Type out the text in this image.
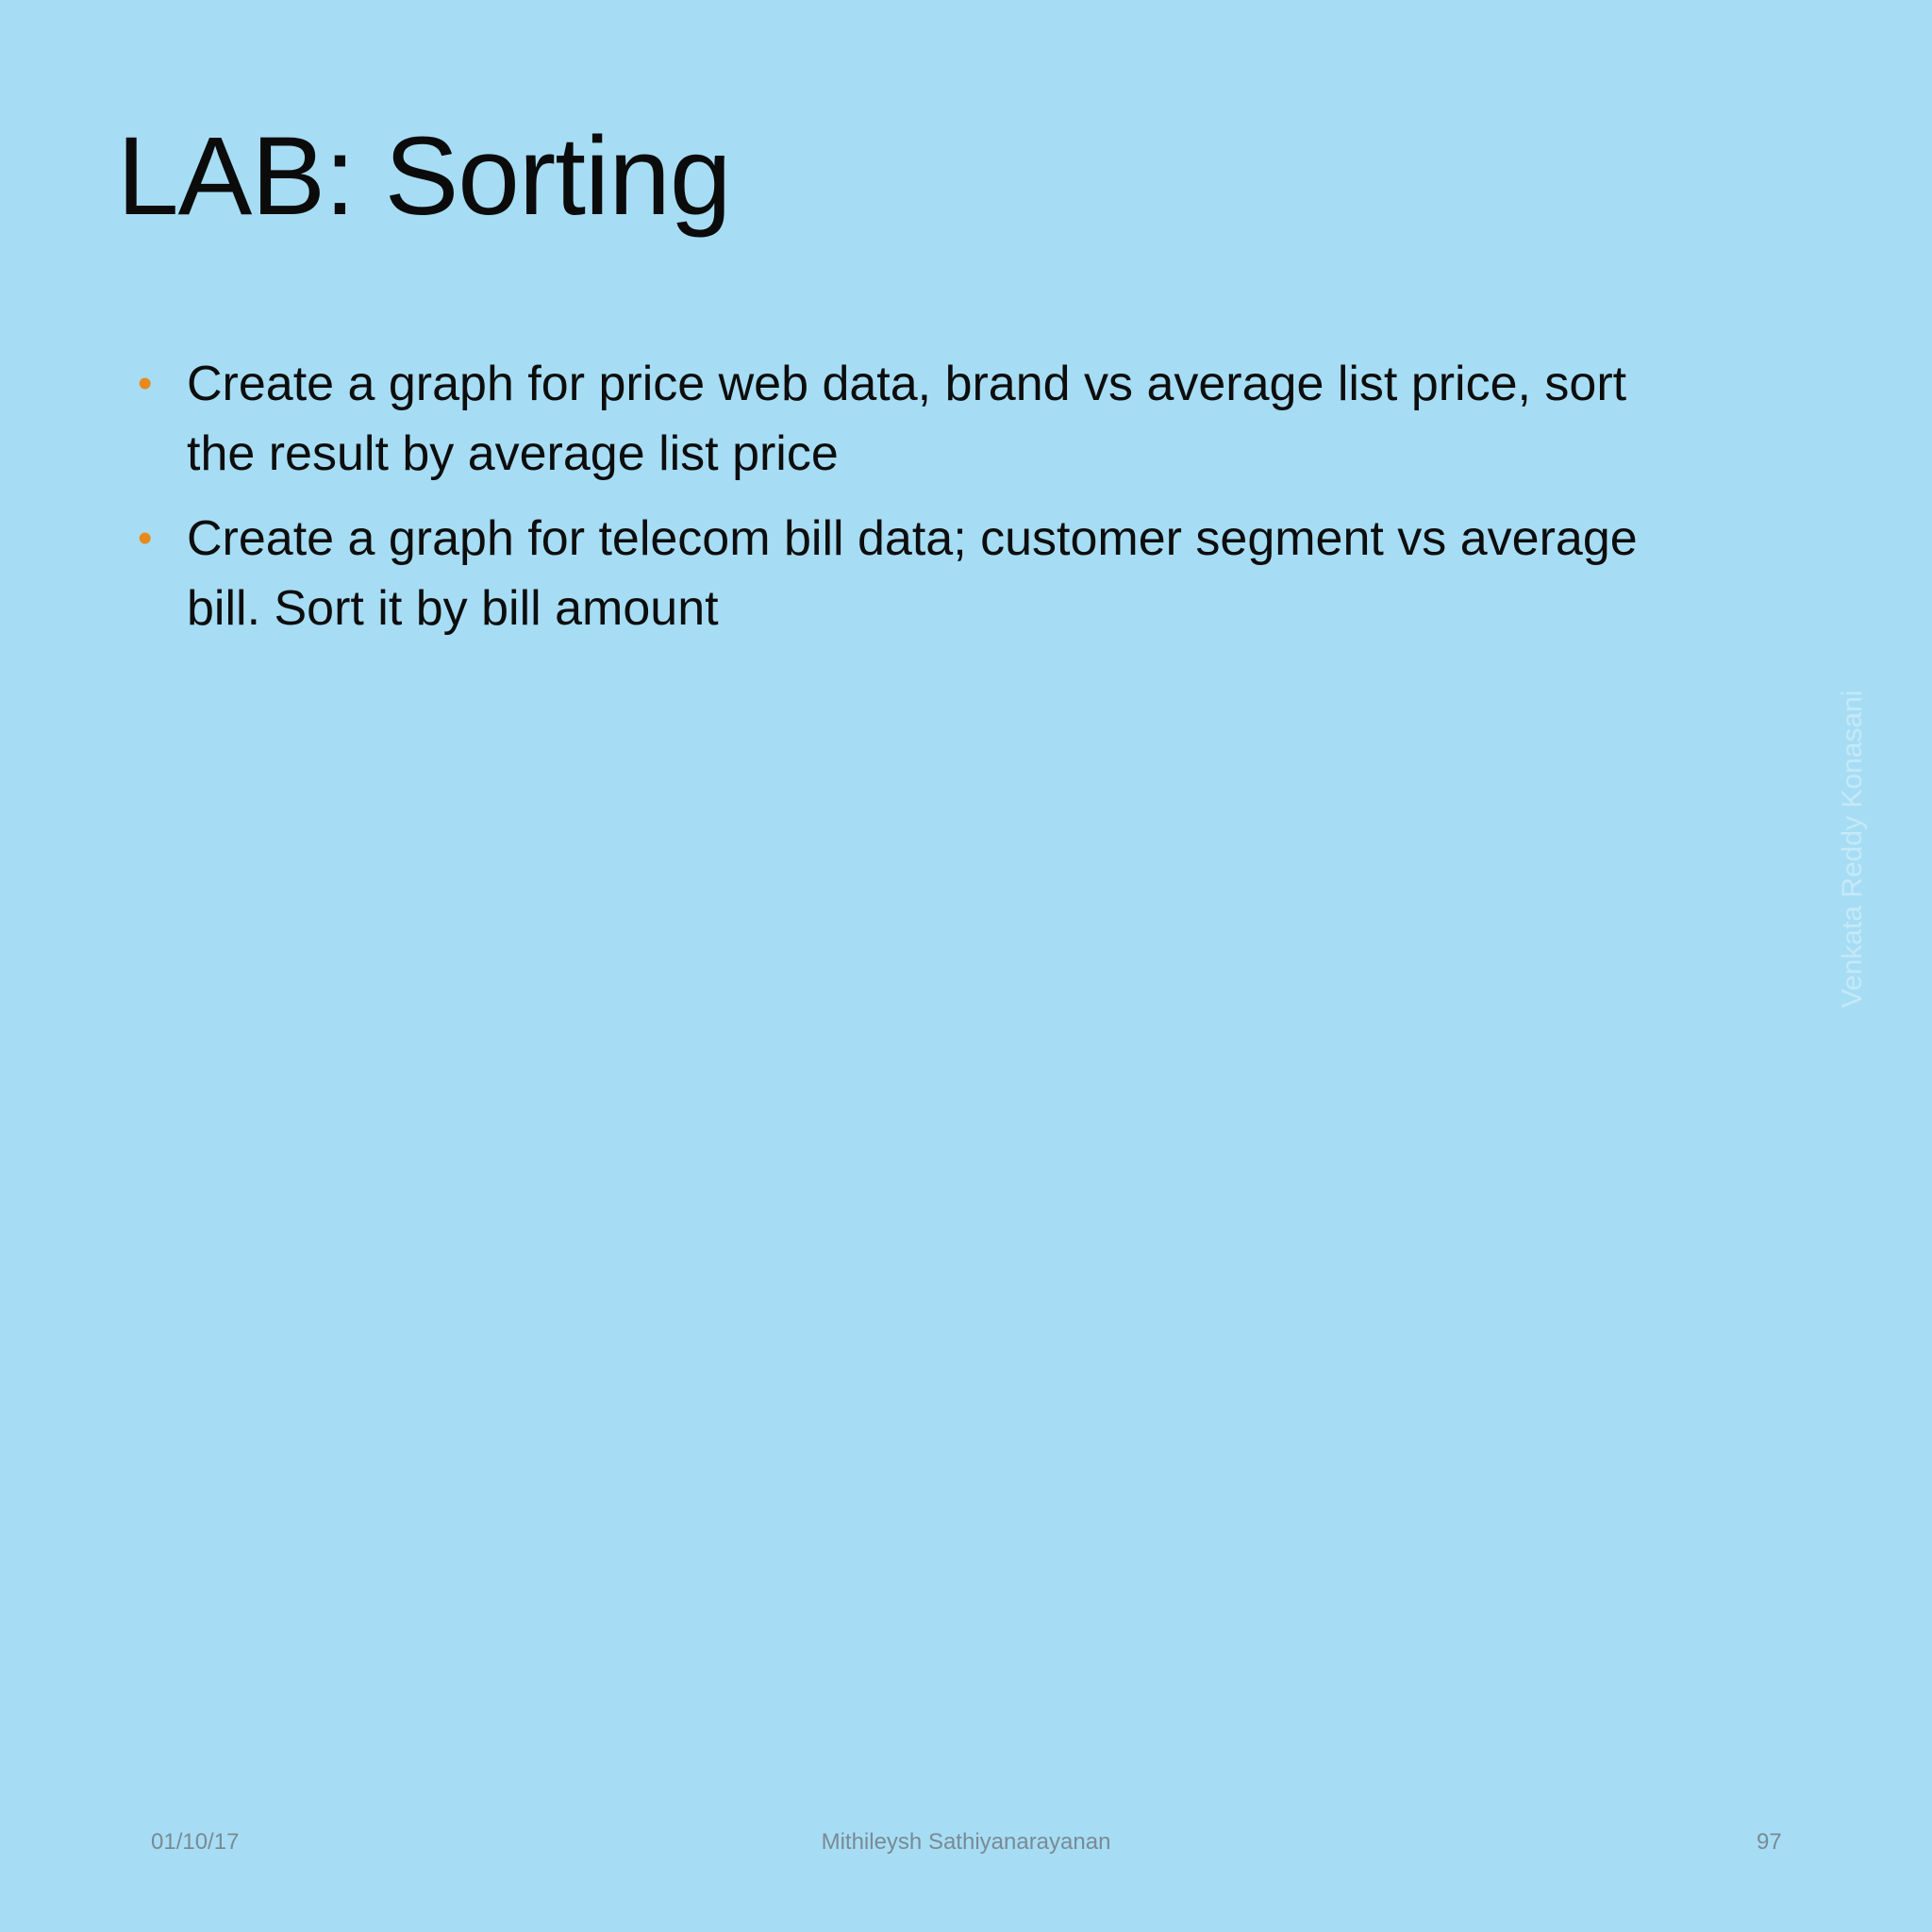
LAB: Sorting
• Create a graph for price web data, brand vs average list price, sort the result by average list price
• Create a graph for telecom bill data; customer segment vs average bill. Sort it by bill amount
Venkata Reddy Konasani
01/10/17	Mithileysh Sathiyanarayanan	97
